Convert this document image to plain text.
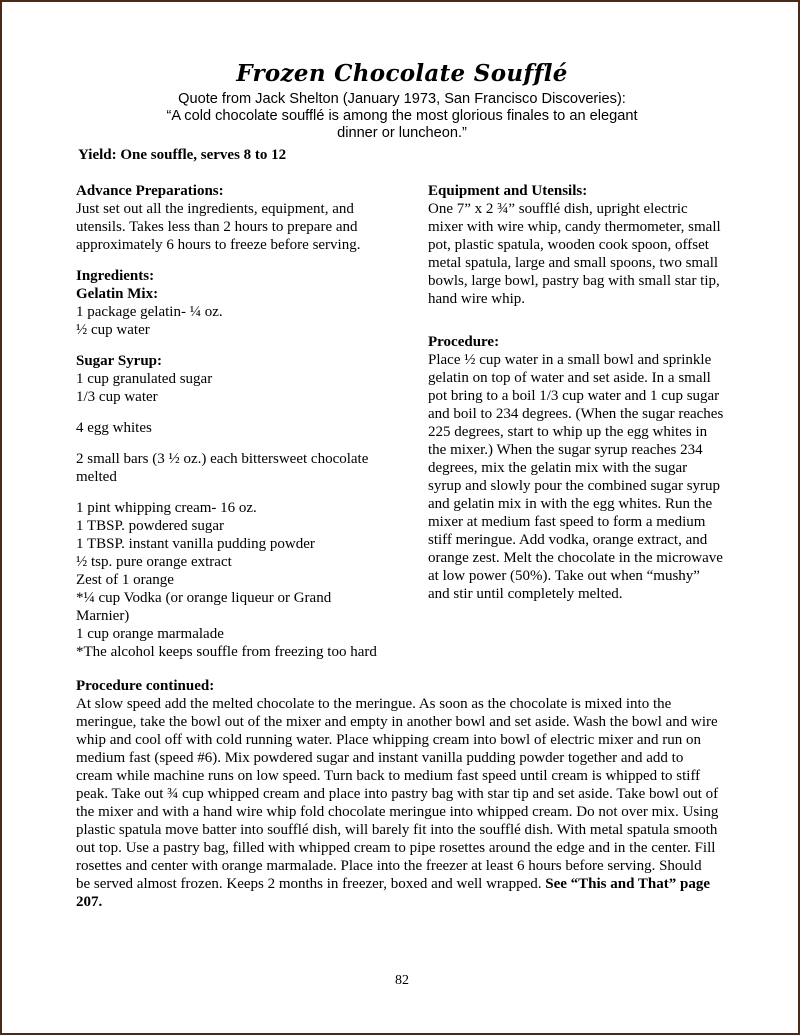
Frozen Chocolate Soufflé
Quote from Jack Shelton (January 1973, San Francisco Discoveries):
“A cold chocolate soufflé is among the most glorious finales to an elegant
dinner or luncheon.”
Yield: One souffle, serves 8 to 12
Advance Preparations:
Just set out all the ingredients, equipment, and
utensils. Takes less than 2 hours to prepare and
approximately 6 hours to freeze before serving.
Ingredients:
Gelatin Mix:
1 package gelatin- ¼ oz.
½ cup water
Sugar Syrup:
1 cup granulated sugar
1/3 cup water
4 egg whites
2 small bars (3 ½ oz.) each bittersweet chocolate
melted
1 pint whipping cream- 16 oz.
1 TBSP. powdered sugar
1 TBSP. instant vanilla pudding powder
½ tsp. pure orange extract
Zest of 1 orange
*¼ cup Vodka (or orange liqueur or Grand
Marnier)
1 cup orange marmalade
*The alcohol keeps souffle from freezing too hard
Equipment and Utensils:
One 7” x 2 ¾” soufflé dish, upright electric
mixer with wire whip, candy thermometer, small
pot, plastic spatula, wooden cook spoon, offset
metal spatula, large and small spoons, two small
bowls, large bowl, pastry bag with small star tip,
hand wire whip.
Procedure:
Place ½ cup water in a small bowl and sprinkle
gelatin on top of water and set aside. In a small
pot bring to a boil 1/3 cup water and 1 cup sugar
and boil to 234 degrees. (When the sugar reaches
225 degrees, start to whip up the egg whites in
the mixer.) When the sugar syrup reaches 234
degrees, mix the gelatin mix with the sugar
syrup and slowly pour the combined sugar syrup
and gelatin mix in with the egg whites. Run the
mixer at medium fast speed to form a medium
stiff meringue. Add vodka, orange extract, and
orange zest. Melt the chocolate in the microwave
at low power (50%). Take out when “mushy”
and stir until completely melted.
Procedure continued:
At slow speed add the melted chocolate to the meringue. As soon as the chocolate is mixed into the
meringue, take the bowl out of the mixer and empty in another bowl and set aside. Wash the bowl and wire
whip and cool off with cold running water. Place whipping cream into bowl of electric mixer and run on
medium fast (speed #6). Mix powdered sugar and instant vanilla pudding powder together and add to
cream while machine runs on low speed. Turn back to medium fast speed until cream is whipped to stiff
peak. Take out ¾ cup whipped cream and place into pastry bag with star tip and set aside. Take bowl out of
the mixer and with a hand wire whip fold chocolate meringue into whipped cream. Do not over mix. Using
plastic spatula move batter into soufflé dish, will barely fit into the soufflé dish. With metal spatula smooth
out top. Use a pastry bag, filled with whipped cream to pipe rosettes around the edge and in the center. Fill
rosettes and center with orange marmalade. Place into the freezer at least 6 hours before serving. Should
be served almost frozen. Keeps 2 months in freezer, boxed and well wrapped. See “This and That” page
207.
82
